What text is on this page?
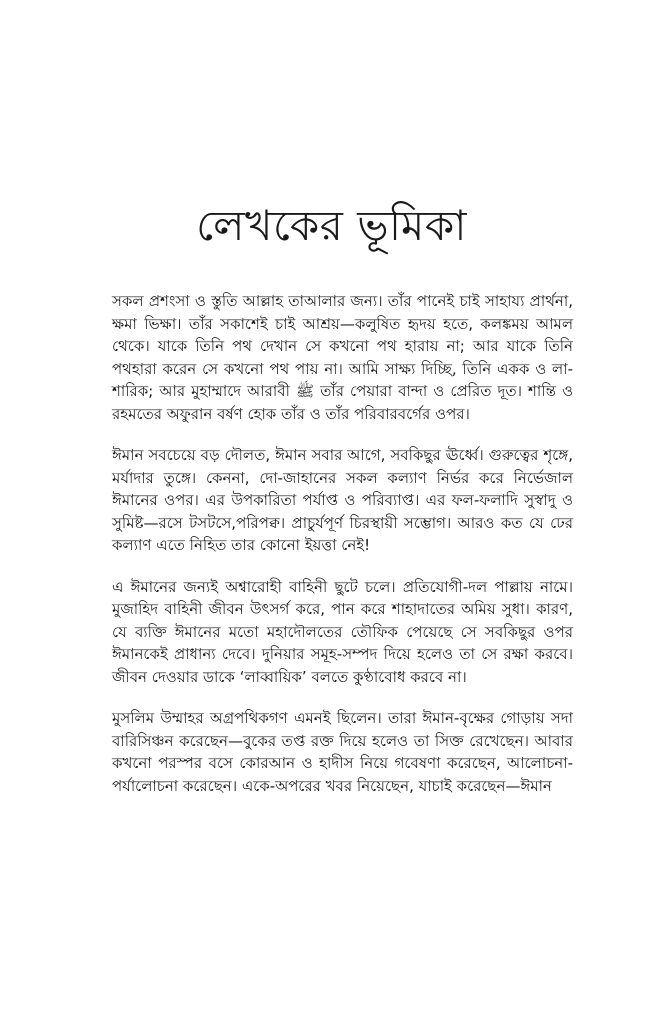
লেখকের ভূমিকা

সকল প্রশংসা ও স্তুতি আল্লাহ তাআলার জন্য। তাঁর পানেই চাই সাহায্য প্রার্থনা, ক্ষমা ভিক্ষা। তাঁর সকাশেই চাই আশ্রয়—কলুষিত হৃদয় হতে, কলঙ্কময় আমল থেকে। যাকে তিনি পথ দেখান সে কখনো পথ হারায় না; আর যাকে তিনি পথহারা করেন সে কখনো পথ পায় না। আমি সাক্ষ্য দিচ্ছি, তিনি একক ও লা-শারিক; আর মুহাম্মাদে আরাবী ﷺ তাঁর পেয়ারা বান্দা ও প্রেরিত দূত। শান্তি ও রহমতের অফুরান বর্ষণ হোক তাঁর ও তাঁর পরিবারবর্গের ওপর।

ঈমান সবচেয়ে বড় দৌলত, ঈমান সবার আগে, সবকিছুর ঊর্ধ্বে। গুরুত্বের শৃঙ্গে, মর্যাদার তুঙ্গে। কেননা, দো-জাহানের সকল কল্যাণ নির্ভর করে নির্ভেজাল ঈমানের ওপর। এর উপকারিতা পর্যাপ্ত ও পরিব্যাপ্ত। এর ফল-ফলাদি সুস্বাদু ও সুমিষ্ট—রসে টসটসে,পরিপক্ব। প্রাচুর্যপূর্ণ চিরস্থায়ী সম্ভোগ। আরও কত যে ঢের কল্যাণ এতে নিহিত তার কোনো ইয়ত্তা নেই!

এ ঈমানের জন্যই অশ্বারোহী বাহিনী ছুটে চলে। প্রতিযোগী-দল পাল্লায় নামে। মুজাহিদ বাহিনী জীবন উৎসর্গ করে, পান করে শাহাদাতের অমিয় সুধা। কারণ, যে ব্যক্তি ঈমানের মতো মহাদৌলতের তৌফিক পেয়েছে সে সবকিছুর ওপর ঈমানকেই প্রাধান্য দেবে। দুনিয়ার সমূহ-সম্পদ দিয়ে হলেও তা সে রক্ষা করবে। জীবন দেওয়ার ডাকে ‘লাব্বায়িক’ বলতে কুণ্ঠাবোধ করবে না।

মুসলিম উম্মাহর অগ্রপথিকগণ এমনই ছিলেন। তারা ঈমান-বৃক্ষের গোড়ায় সদা বারিসিঞ্চন করেছেন—বুকের তপ্ত রক্ত দিয়ে হলেও তা সিক্ত রেখেছেন। আবার কখনো পরস্পর বসে কোরআন ও হাদীস নিয়ে গবেষণা করেছেন, আলোচনা-পর্যালোচনা করেছেন। একে-অপরের খবর নিয়েছেন, যাচাই করেছেন—ঈমান
